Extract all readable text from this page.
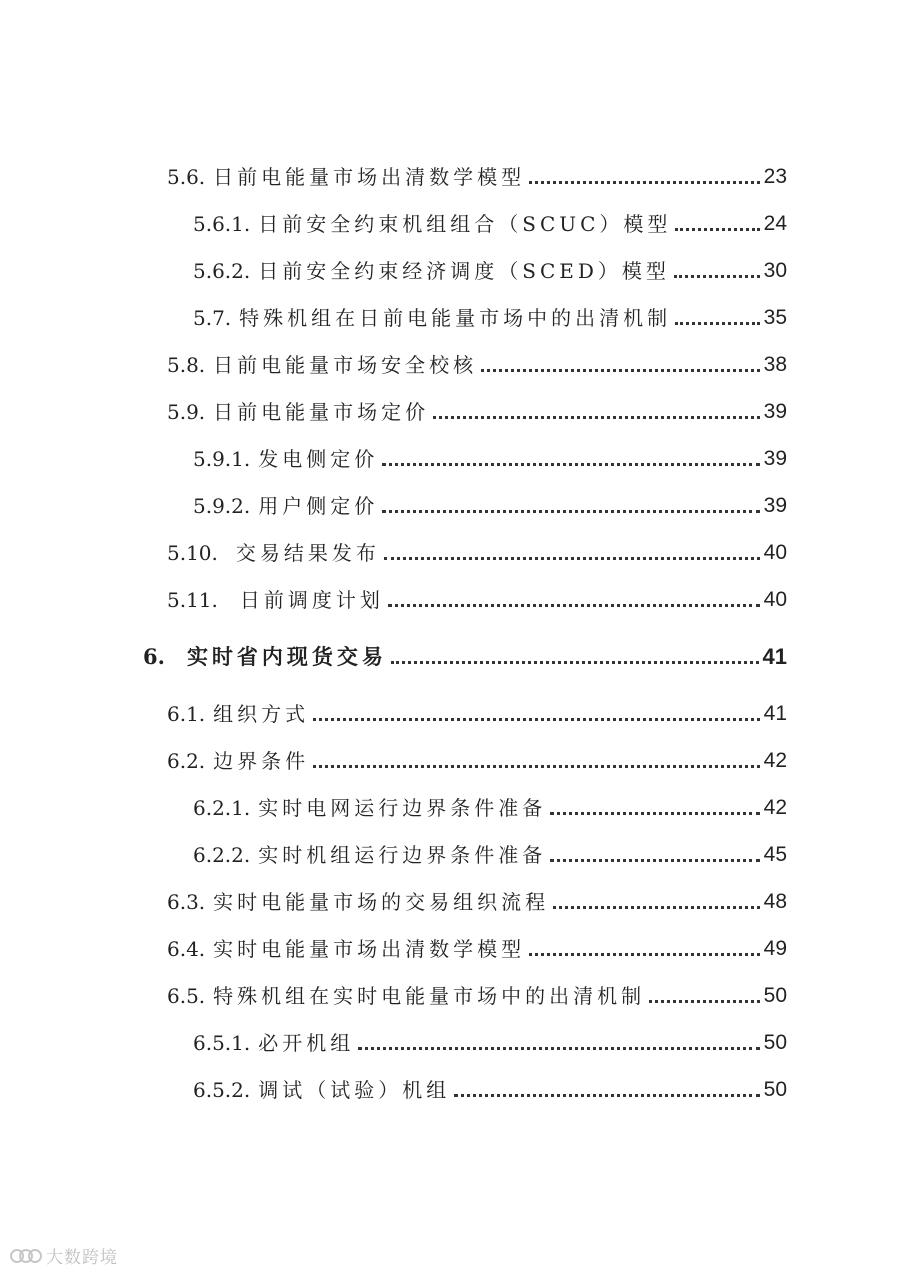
5.6. 日前电能量市场出清数学模型	23
5.6.1. 日前安全约束机组组合（SCUC）模型	24
5.6.2. 日前安全约束经济调度（SCED）模型	30
5.7. 特殊机组在日前电能量市场中的出清机制	35
5.8. 日前电能量市场安全校核	38
5.9. 日前电能量市场定价	39
5.9.1. 发电侧定价	39
5.9.2. 用户侧定价	39
5.10. 交易结果发布	40
5.11. 日前调度计划	40
6. 实时省内现货交易	41
6.1. 组织方式	41
6.2. 边界条件	42
6.2.1. 实时电网运行边界条件准备	42
6.2.2. 实时机组运行边界条件准备	45
6.3. 实时电能量市场的交易组织流程	48
6.4. 实时电能量市场出清数学模型	49
6.5. 特殊机组在实时电能量市场中的出清机制	50
6.5.1. 必开机组	50
6.5.2. 调试（试验）机组	50
大数跨境
